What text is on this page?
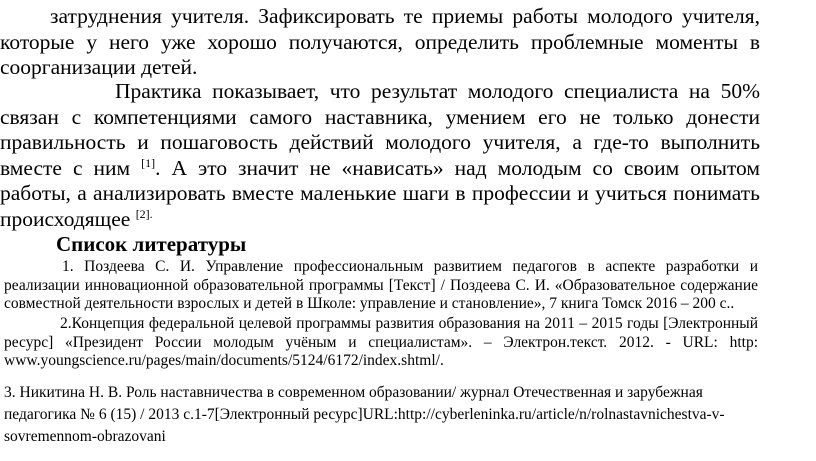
затруднения учителя. Зафиксировать те приемы работы молодого учителя, которые у него уже хорошо получаются, определить проблемные моменты в соорганизации детей.

Практика показывает, что результат молодого специалиста на 50% связан с компетенциями самого наставника, умением его не только донести правильность и пошаговость действий молодого учителя, а где-то выполнить вместе с ним [1]. А это значит не «нависать» над молодым со своим опытом работы, а анализировать вместе маленькие шаги в профессии и учиться понимать происходящее $^{[2].}$

Список литературы

1. Поздеева С. И. Управление профессиональным развитием педагогов в аспекте разработки и реализации инновационной образовательной программы [Текст] / Поздеева С. И. «Образовательное содержание совместной деятельности взрослых и детей в Школе: управление и становление», 7 книга Томск 2016 – 200 с..

2.Концепция федеральной целевой программы развития образования на 2011 – 2015 годы [Электронный ресурс] «Президент России молодым учёным и специалистам». – Электрон.текст. 2012. - URL: http: www.youngscience.ru/pages/main/documents/5124/6172/index.shtml/.

3. Никитина Н. В. Роль наставничества в современном образовании/ журнал Отечественная и зарубежная педагогика № 6 (15) / 2013 с.1-7[Электронный ресурс]URL:http://cyberleninka.ru/article/n/rolnastavnichestva-v-sovremennom-obrazovani
